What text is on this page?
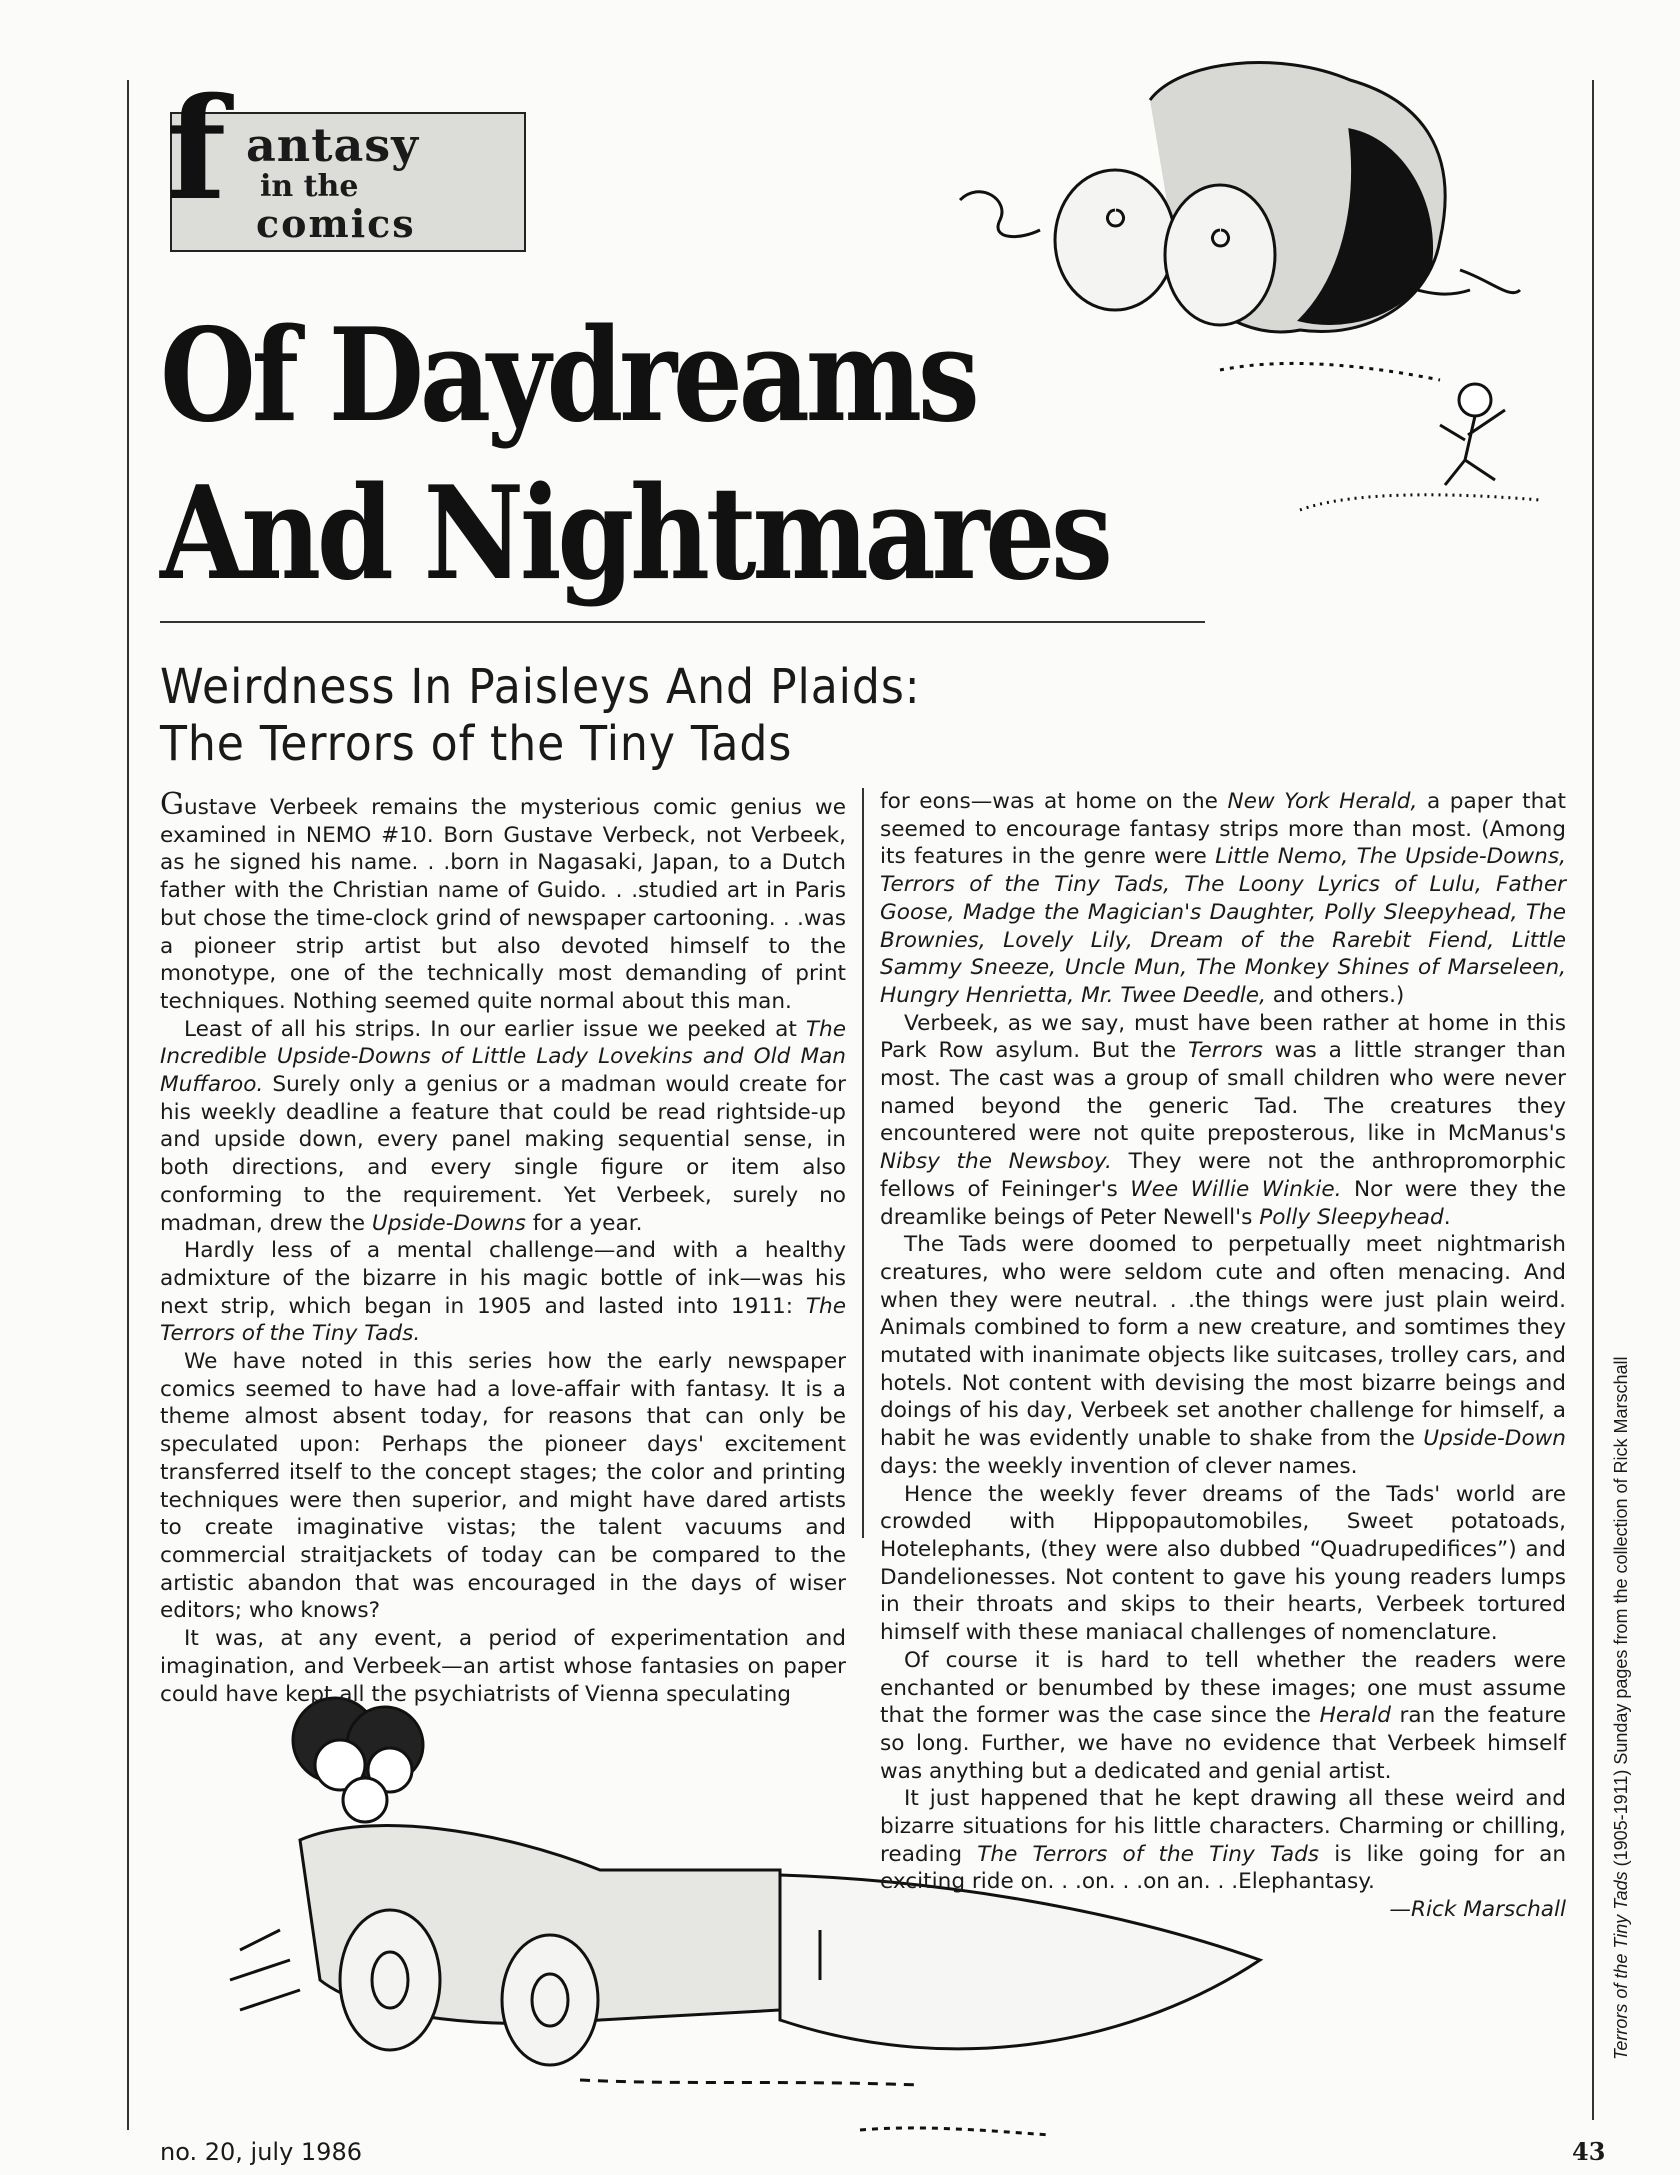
f antasy
in the
comics
Of Daydreams
And Nightmares
Weirdness In Paisleys And Plaids:
The Terrors of the Tiny Tads

Gustave Verbeek remains the mysterious comic genius we examined in NEMO #10. Born Gustave Verbeck, not Verbeek, as he signed his name. . .born in Nagasaki, Japan, to a Dutch father with the Christian name of Guido. . .studied art in Paris but chose the time-clock grind of newspaper cartooning. . .was a pioneer strip artist but also devoted himself to the monotype, one of the technically most demanding of print techniques. Nothing seemed quite normal about this man.

Least of all his strips. In our earlier issue we peeked at The Incredible Upside-Downs of Little Lady Lovekins and Old Man Muffaroo. Surely only a genius or a madman would create for his weekly deadline a feature that could be read rightside-up and upside down, every panel making sequential sense, in both directions, and every single figure or item also conforming to the requirement. Yet Verbeek, surely no madman, drew the Upside-Downs for a year.

Hardly less of a mental challenge—and with a healthy admixture of the bizarre in his magic bottle of ink—was his next strip, which began in 1905 and lasted into 1911: The Terrors of the Tiny Tads.

We have noted in this series how the early newspaper comics seemed to have had a love-affair with fantasy. It is a theme almost absent today, for reasons that can only be speculated upon: Perhaps the pioneer days' excitement transferred itself to the concept stages; the color and printing techniques were then superior, and might have dared artists to create imaginative vistas; the talent vacuums and commercial straitjackets of today can be compared to the artistic abandon that was encouraged in the days of wiser editors; who knows?

It was, at any event, a period of experimentation and imagination, and Verbeek—an artist whose fantasies on paper could have kept all the psychiatrists of Vienna speculating

for eons—was at home on the New York Herald, a paper that seemed to encourage fantasy strips more than most. (Among its features in the genre were Little Nemo, The Upside-Downs, Terrors of the Tiny Tads, The Loony Lyrics of Lulu, Father Goose, Madge the Magician's Daughter, Polly Sleepyhead, The Brownies, Lovely Lily, Dream of the Rarebit Fiend, Little Sammy Sneeze, Uncle Mun, The Monkey Shines of Marseleen, Hungry Henrietta, Mr. Twee Deedle, and others.)

Verbeek, as we say, must have been rather at home in this Park Row asylum. But the Terrors was a little stranger than most. The cast was a group of small children who were never named beyond the generic Tad. The creatures they encountered were not quite preposterous, like in McManus's Nibsy the Newsboy. They were not the anthropromorphic fellows of Feininger's Wee Willie Winkie. Nor were they the dreamlike beings of Peter Newell's Polly Sleepyhead.

The Tads were doomed to perpetually meet nightmarish creatures, who were seldom cute and often menacing. And when they were neutral. . .the things were just plain weird. Animals combined to form a new creature, and somtimes they mutated with inanimate objects like suitcases, trolley cars, and hotels. Not content with devising the most bizarre beings and doings of his day, Verbeek set another challenge for himself, a habit he was evidently unable to shake from the Upside-Down days: the weekly invention of clever names.

Hence the weekly fever dreams of the Tads' world are crowded with Hippopautomobiles, Sweet potatoads, Hotelephants, (they were also dubbed “Quadrupedifices”) and Dandelionesses. Not content to gave his young readers lumps in their throats and skips to their hearts, Verbeek tortured himself with these maniacal challenges of nomenclature.

Of course it is hard to tell whether the readers were enchanted or benumbed by these images; one must assume that the former was the case since the Herald ran the feature so long. Further, we have no evidence that Verbeek himself was anything but a dedicated and genial artist.

It just happened that he kept drawing all these weird and bizarre situations for his little characters. Charming or chilling, reading The Terrors of the Tiny Tads is like going for an exciting ride on. . .on. . .on an. . .Elephantasy.

—Rick Marschall	Terrors of the Tiny Tads (1905-1911) Sunday pages from the collection of Rick Marschall
no. 20, july 1986	43
